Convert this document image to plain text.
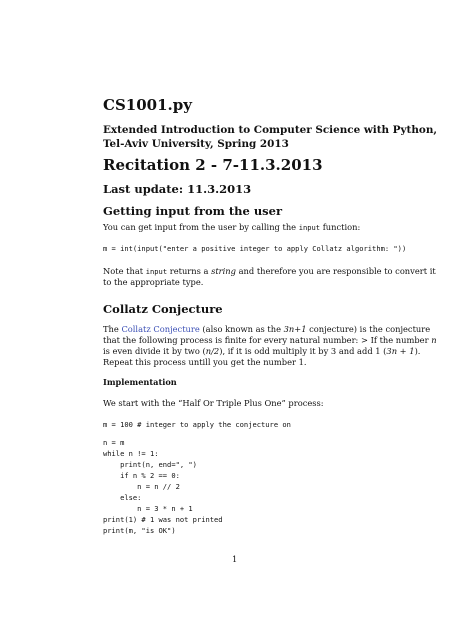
CS1001.py
Extended Introduction to Computer Science with Python,
Tel-Aviv University, Spring 2013
Recitation 2 - 7-11.3.2013
Last update: 11.3.2013
Getting input from the user
You can get input from the user by calling the input function:
m = int(input("enter a positive integer to apply Collatz algorithm: "))
Note that input returns a string and therefore you are responsible to convert it
to the appropriate type.
Collatz Conjecture
The Collatz Conjecture (also known as the 3n+1 conjecture) is the conjecture
that the following process is finite for every natural number: > If the number n
is even divide it by two (n/2), if it is odd multiply it by 3 and add 1 (3n + 1).
Repeat this process untill you get the number 1.
Implementation
We start with the “Half Or Triple Plus One” process:
m = 100 # integer to apply the conjecture on
n = m
while n != 1:
print(n, end=", ")
if n % 2 == 0:
n = n // 2
else:
n = 3 * n + 1
print(1) # 1 was not printed
print(m, "is OK")
1
